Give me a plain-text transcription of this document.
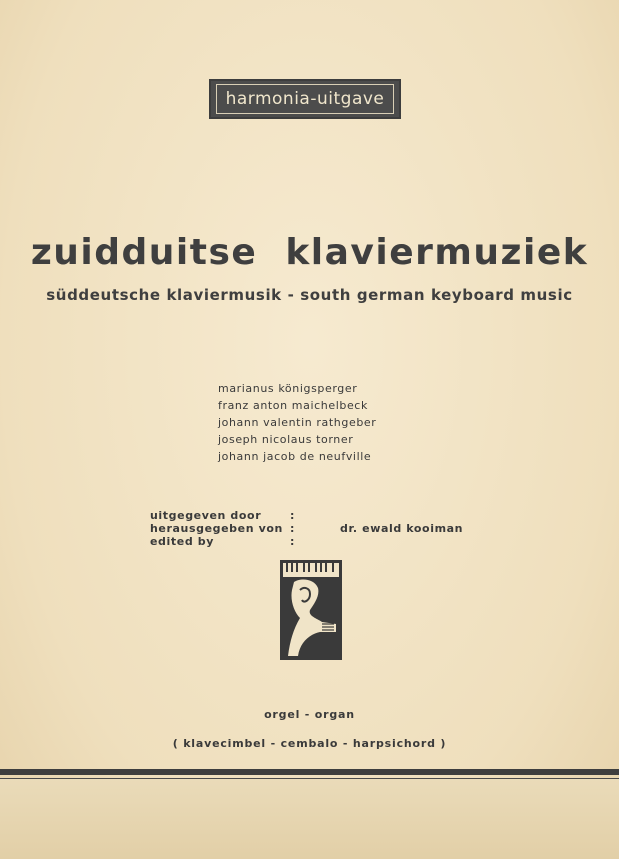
harmonia-uitgave
zuidduitse klaviermuziek
süddeutsche klaviermusik - south german keyboard music
marianus königsperger
franz anton maichelbeck
johann valentin rathgeber
joseph nicolaus torner
johann jacob de neufville
uitgegeven door	:
herausgegeben von :	dr. ewald kooiman
edited by	:
orgel - organ
( klavecimbel - cembalo - harpsichord )
